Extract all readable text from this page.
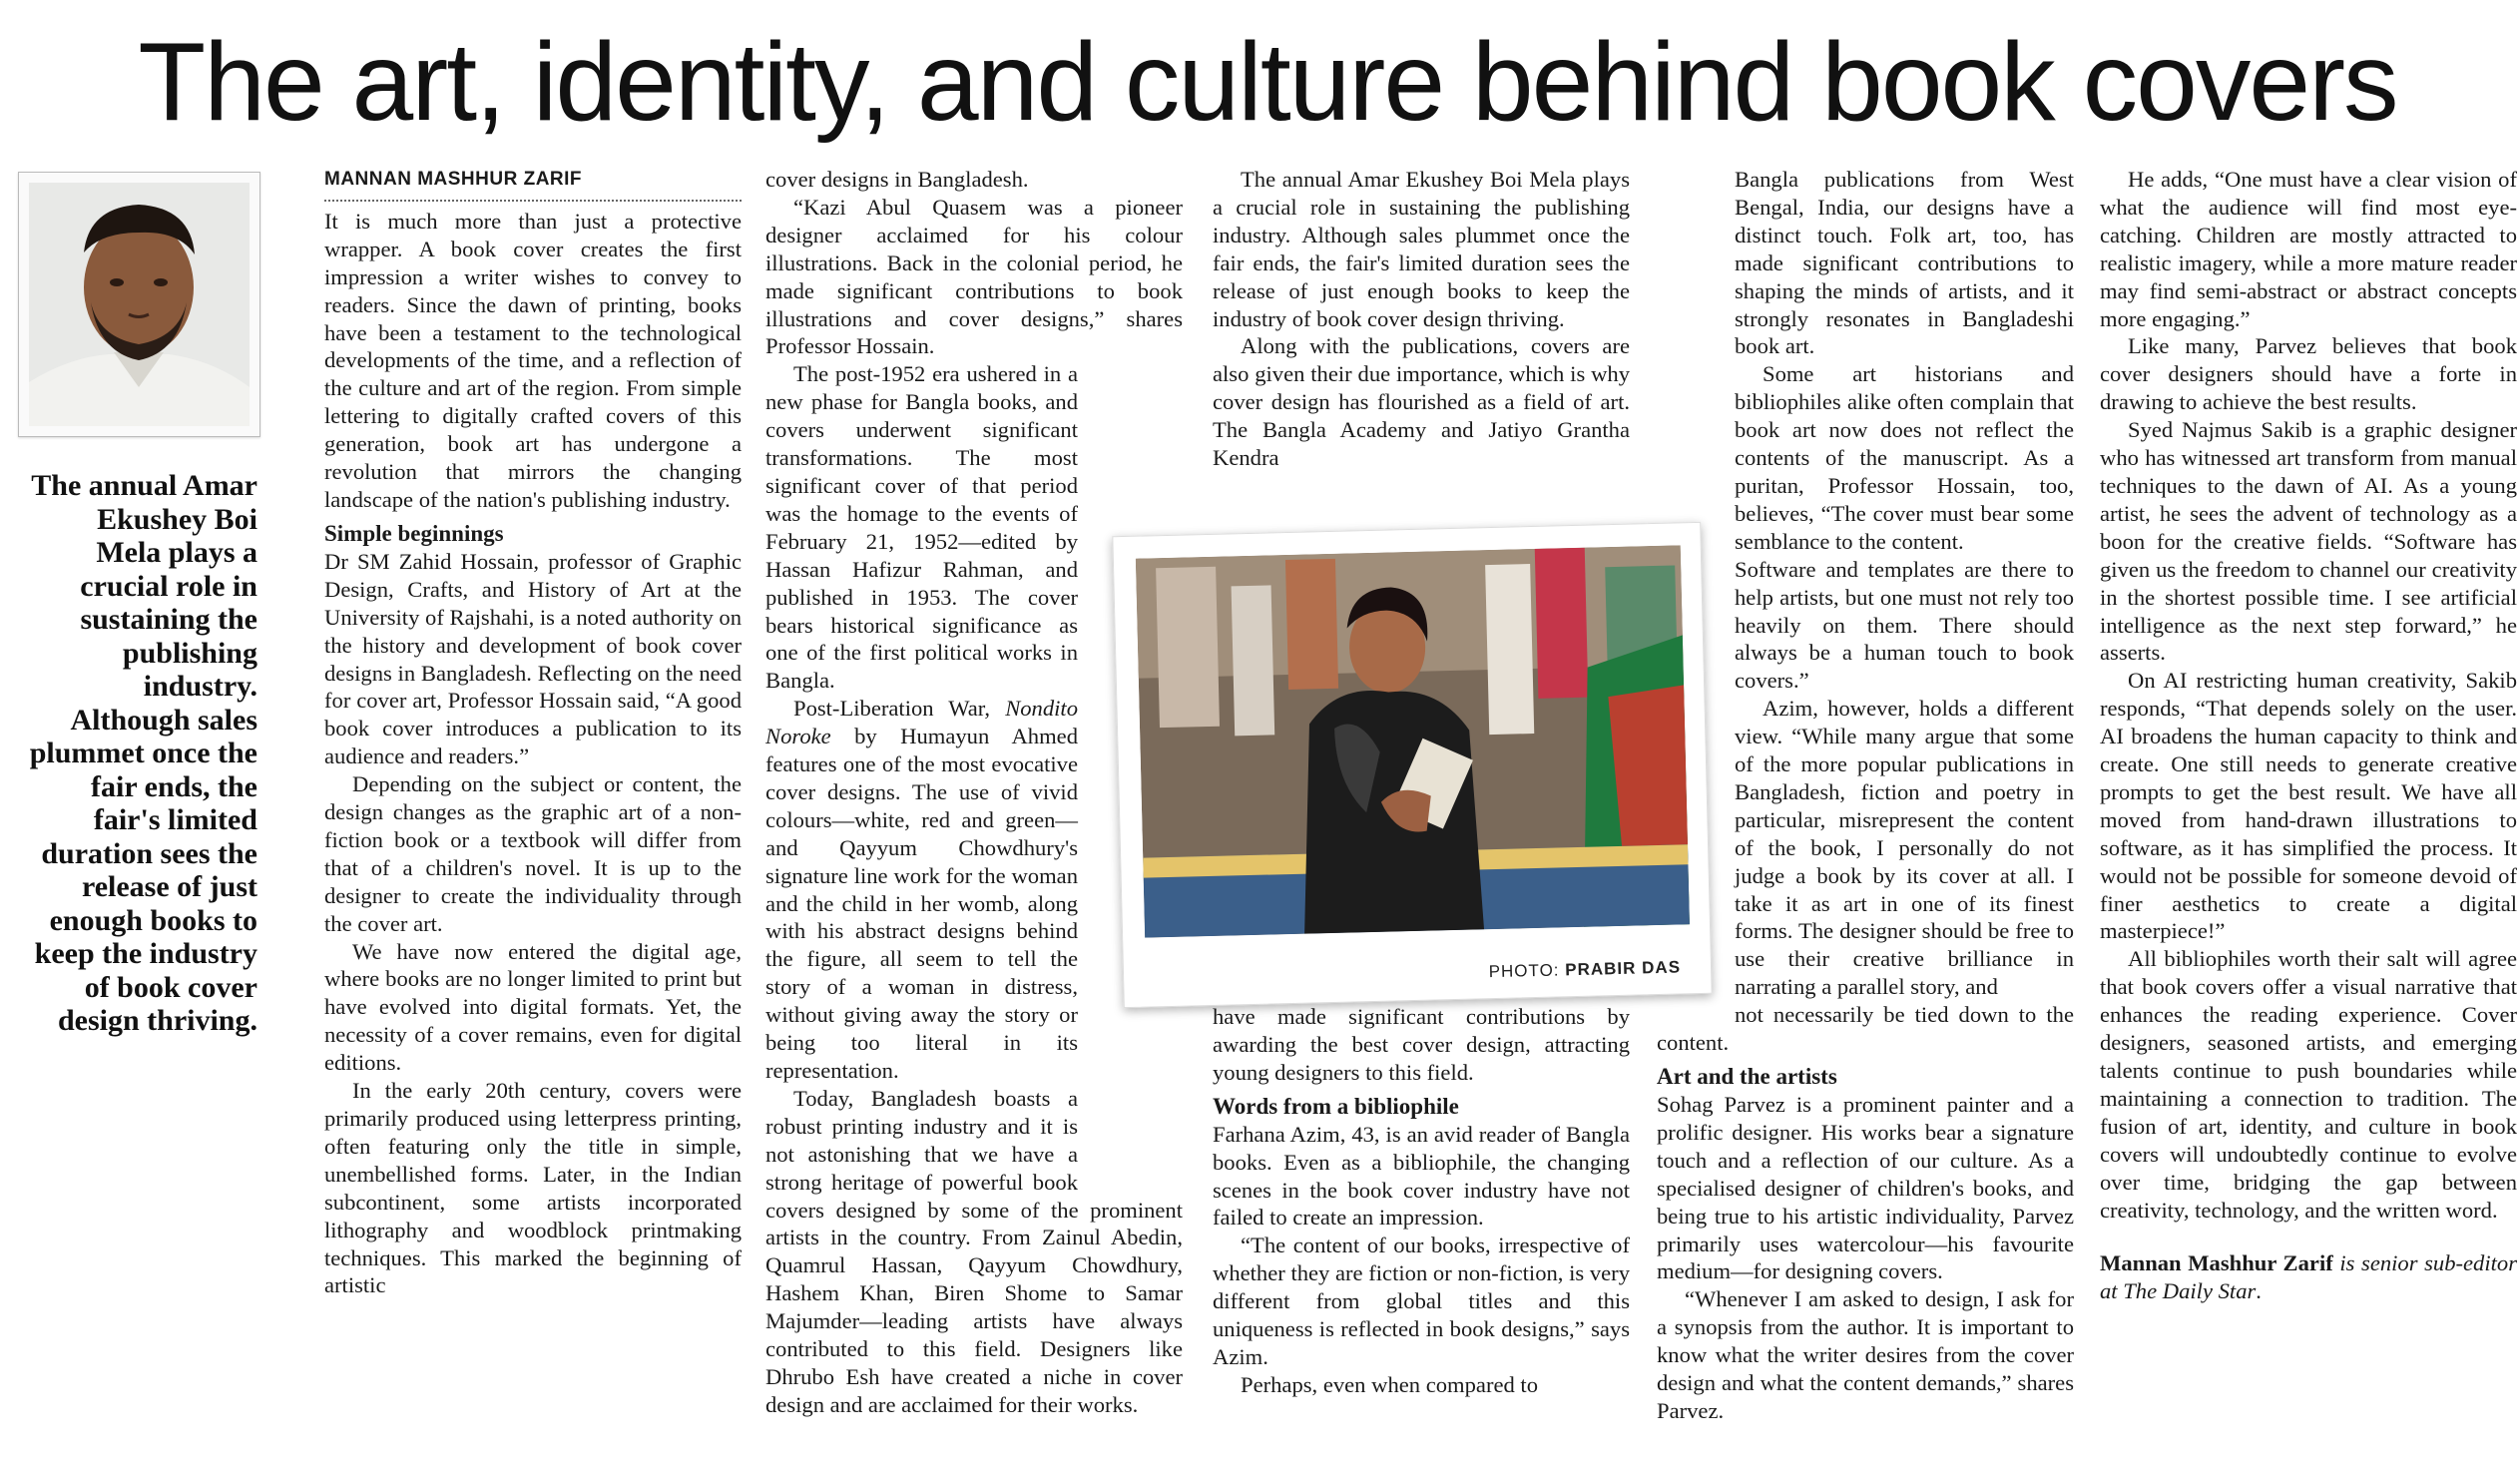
The art, identity, and culture behind book covers
The annual Amar Ekushey Boi Mela plays a crucial role in sustaining the publishing industry. Although sales plummet once the fair ends, the fair's limited duration sees the release of just enough books to keep the industry of book cover design thriving.
MANNAN MASHHUR ZARIF

It is much more than just a protective wrapper. A book cover creates the first impression a writer wishes to convey to readers. Since the dawn of printing, books have been a testament to the technological developments of the time, and a reflection of the culture and art of the region. From simple lettering to digitally crafted covers of this generation, book art has undergone a revolution that mirrors the changing landscape of the nation's publishing industry.

Simple beginnings

Dr SM Zahid Hossain, professor of Graphic Design, Crafts, and History of Art at the University of Rajshahi, is a noted authority on the history and development of book cover designs in Bangladesh. Reflecting on the need for cover art, Professor Hossain said, “A good book cover introduces a publication to its audience and readers.”

Depending on the subject or content, the design changes as the graphic art of a non-fiction book or a textbook will differ from that of a children's novel. It is up to the designer to create the individuality through the cover art.

We have now entered the digital age, where books are no longer limited to print but have evolved into digital formats. Yet, the necessity of a cover remains, even for digital editions.

In the early 20th century, covers were primarily produced using letterpress printing, often featuring only the title in simple, unembellished forms. Later, in the Indian subcontinent, some artists incorporated lithography and woodblock printmaking techniques. This marked the beginning of artistic

cover designs in Bangladesh.

“Kazi Abul Quasem was a pioneer designer acclaimed for his colour illustrations. Back in the colonial period, he made significant contributions to book illustrations and cover designs,” shares Professor Hossain.

The post-1952 era ushered in a new phase for Bangla books, and covers underwent significant transformations. The most significant cover of that period was the homage to the events of February 21, 1952—edited by Hassan Hafizur Rahman, and published in 1953. The cover bears historical significance as one of the first political works in Bangla.

Post-Liberation War, Nondito Noroke by Humayun Ahmed features one of the most evocative cover designs. The use of vivid colours—white, red and green—and Qayyum Chowdhury's signature line work for the woman and the child in her womb, along with his abstract designs behind the figure, all seem to tell the story of a woman in distress, without giving away the story or being too literal in its representation.

Today, Bangladesh boasts a robust printing industry and it is not astonishing that we have a strong heritage of powerful book covers designed by some of the prominent artists in the country. From Zainul Abedin, Quamrul Hassan, Qayyum Chowdhury, Hashem Khan, Biren Shome to Samar Majumder—leading artists have always contributed to this field. Designers like Dhrubo Esh have created a niche in cover design and are acclaimed for their works.

The annual Amar Ekushey Boi Mela plays a crucial role in sustaining the publishing industry. Although sales plummet once the fair ends, the fair's limited duration sees the release of just enough books to keep the industry of book cover design thriving.

Along with the publications, covers are also given their due importance, which is why cover design has flourished as a field of art. The Bangla Academy and Jatiyo Grantha Kendra

have made significant contributions by awarding the best cover design, attracting young designers to this field.

Words from a bibliophile

Farhana Azim, 43, is an avid reader of Bangla books. Even as a bibliophile, the changing scenes in the book cover industry have not failed to create an impression.

“The content of our books, irrespective of whether they are fiction or non-fiction, is very different from global titles and this uniqueness is reflected in book designs,” says Azim.

Perhaps, even when compared to

Bangla publications from West Bengal, India, our designs have a distinct touch. Folk art, too, has made significant contributions to shaping the minds of artists, and it strongly resonates in Bangladeshi book art.

Some art historians and bibliophiles alike often complain that book art now does not reflect the contents of the manuscript. As a puritan, Professor Hossain, too, believes, “The cover must bear some semblance to the content.

Software and templates are there to help artists, but one must not rely too heavily on them. There should always be a human touch to book covers.”

Azim, however, holds a different view. “While many argue that some of the more popular publications in Bangladesh, fiction and poetry in particular, misrepresent the content of the book, I personally do not judge a book by its cover at all. I take it as art in one of its finest forms. The designer should be free to use their creative brilliance in narrating a parallel story, and

not necessarily be tied down to the content.

Art and the artists

Sohag Parvez is a prominent painter and a prolific designer. His works bear a signature touch and a reflection of our culture. As a specialised designer of children's books, and being true to his artistic individuality, Parvez primarily uses watercolour—his favourite medium—for designing covers.

“Whenever I am asked to design, I ask for a synopsis from the author. It is important to know what the writer desires from the cover design and what the content demands,” shares Parvez.

He adds, “One must have a clear vision of what the audience will find most eye-catching. Children are mostly attracted to realistic imagery, while a more mature reader may find semi-abstract or abstract concepts more engaging.”

Like many, Parvez believes that book cover designers should have a forte in drawing to achieve the best results.

Syed Najmus Sakib is a graphic designer who has witnessed art transform from manual techniques to the dawn of AI. As a young artist, he sees the advent of technology as a boon for the creative fields. “Software has given us the freedom to channel our creativity in the shortest possible time. I see artificial intelligence as the next step forward,” he asserts.

On AI restricting human creativity, Sakib responds, “That depends solely on the user. AI broadens the human capacity to think and create. One still needs to generate creative prompts to get the best result. We have all moved from hand-drawn illustrations to software, as it has simplified the process. It would not be possible for someone devoid of finer aesthetics to create a digital masterpiece!”

All bibliophiles worth their salt will agree that book covers offer a visual narrative that enhances the reading experience. Cover designers, seasoned artists, and emerging talents continue to push boundaries while maintaining a connection to tradition. The fusion of art, identity, and culture in book covers will undoubtedly continue to evolve over time, bridging the gap between creativity, technology, and the written word.

Mannan Mashhur Zarif is senior sub-editor at The Daily Star.

PHOTO: PRABIR DAS
